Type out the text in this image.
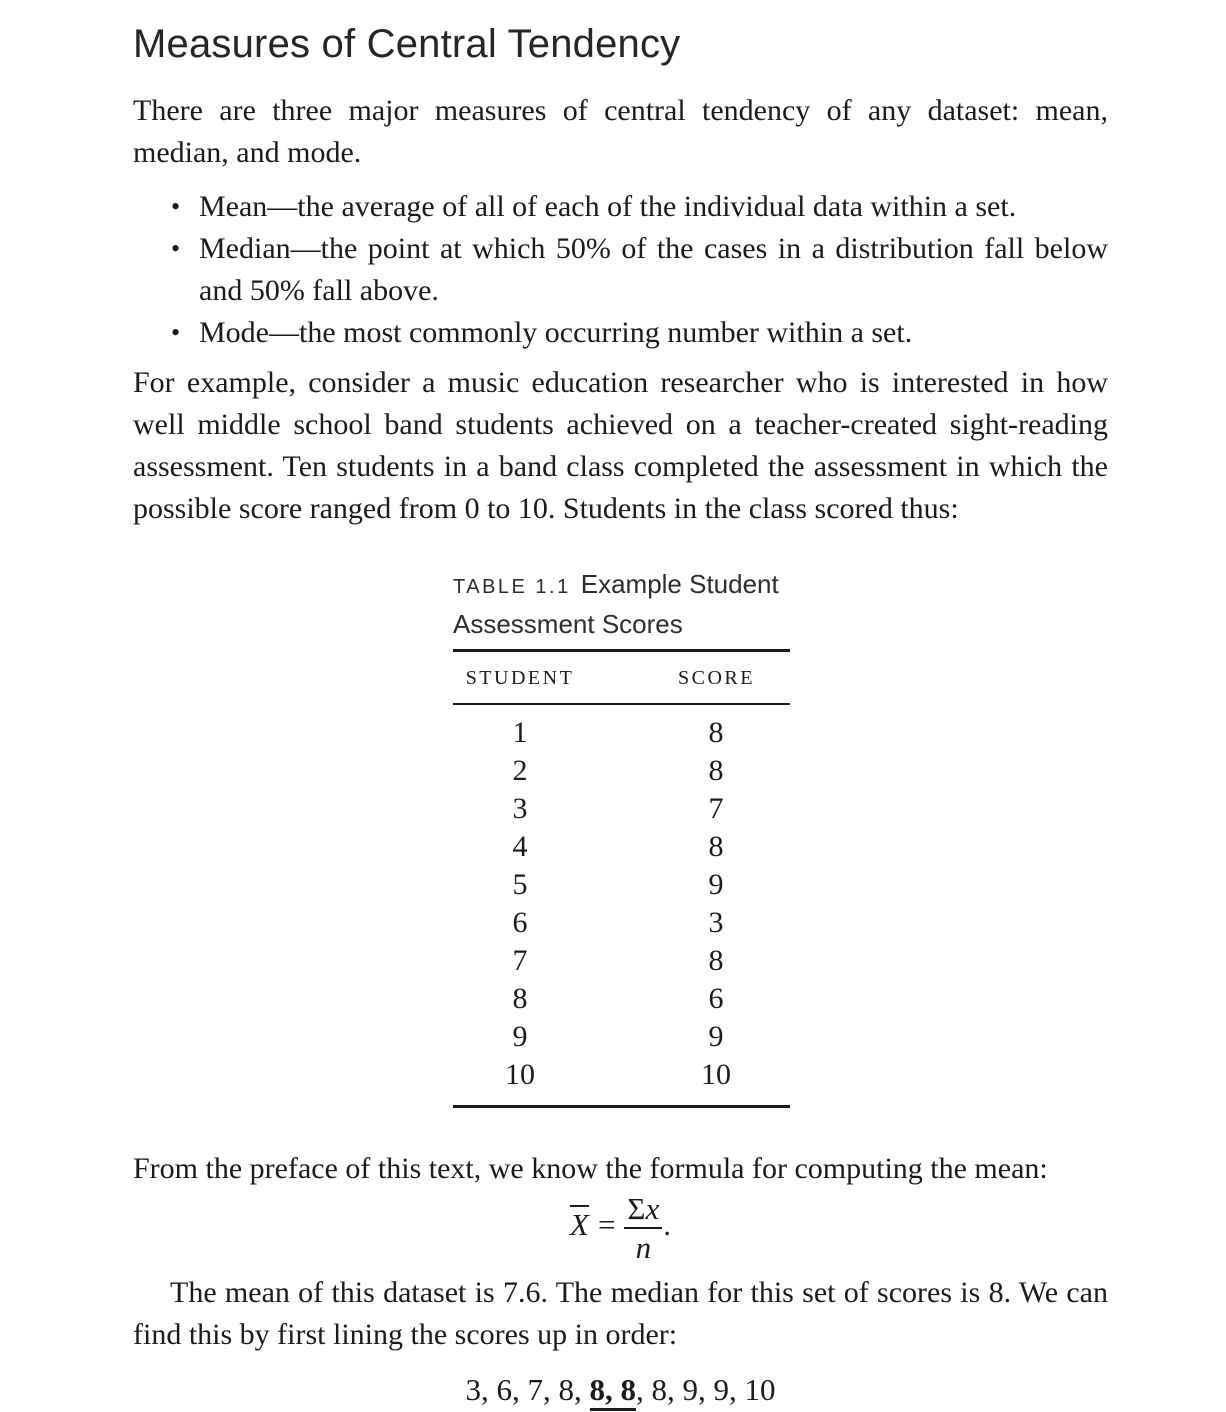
Measures of Central Tendency

There are three major measures of central tendency of any dataset: mean, median, and mode.

• Mean—the average of all of each of the individual data within a set.
• Median—the point at which 50% of the cases in a distribution fall below and 50% fall above.
• Mode—the most commonly occurring number within a set.

For example, consider a music education researcher who is interested in how well middle school band students achieved on a teacher-created sight-reading assessment. Ten students in a band class completed the assessment in which the possible score ranged from 0 to 10. Students in the class scored thus:

TABLE 1.1 Example Student Assessment Scores
STUDENT	SCORE
1	8
2	8
3	7
4	8
5	9
6	3
7	8
8	6
9	9
10	10

From the preface of this text, we know the formula for computing the mean:

$\overline{X} = \frac{\Sigma x}{n}$ .

The mean of this dataset is 7.6. The median for this set of scores is 8. We can find this by first lining the scores up in order:

3, 6, 7, 8, 8, 8, 8, 9, 9, 10
